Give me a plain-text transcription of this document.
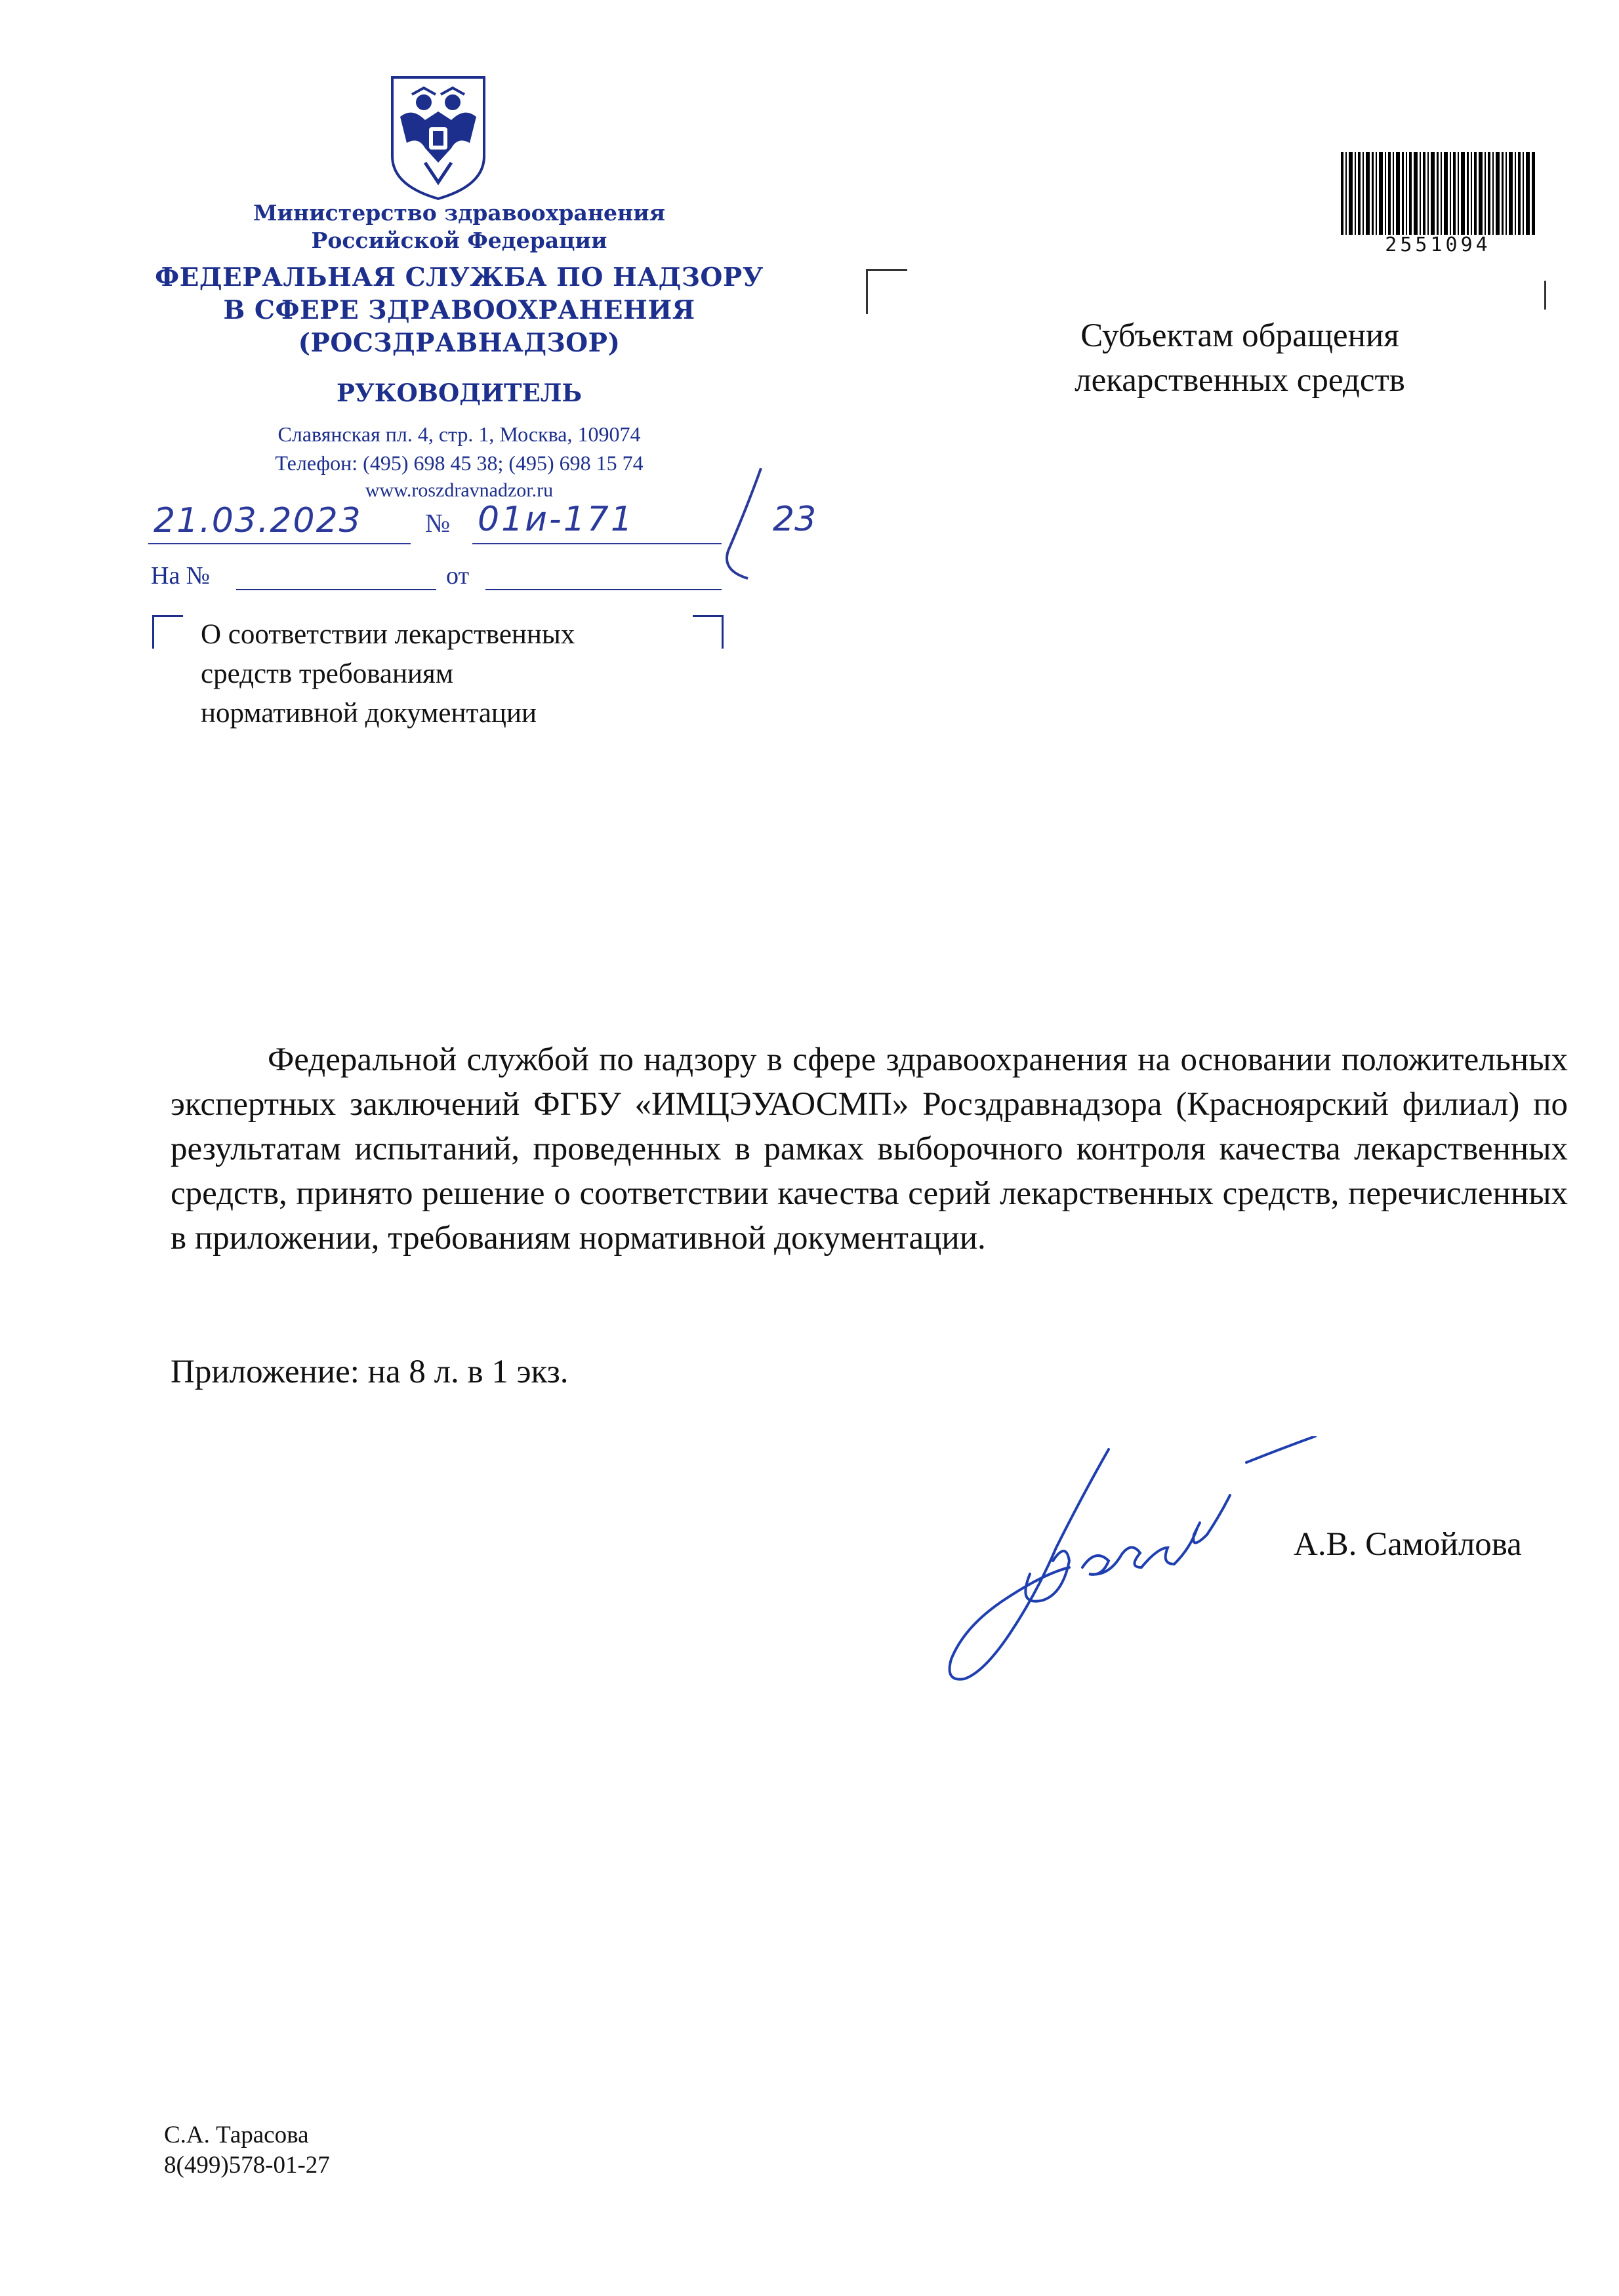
Министерство здравоохранения
Российской Федерации
ФЕДЕРАЛЬНАЯ СЛУЖБА ПО НАДЗОРУ
В СФЕРЕ ЗДРАВООХРАНЕНИЯ
(РОСЗДРАВНАДЗОР)
РУКОВОДИТЕЛЬ
Славянская пл. 4, стр. 1, Москва, 109074
Телефон: (495) 698 45 38; (495) 698 15 74
www.roszdravnadzor.ru
21.03.2023 № 01и-171	23
На №	от
О соответствии лекарственных
средств требованиям
нормативной документации
Субъектам обращения
лекарственных средств
2551094

Федеральной службой по надзору в сфере здравоохранения на основании положительных экспертных заключений ФГБУ «ИМЦЭУАОСМП» Росздравнадзора (Красноярский филиал) по результатам испытаний, проведенных в рамках выборочного контроля качества лекарственных средств, принято решение о соответствии качества серий лекарственных средств, перечисленных в приложении, требованиям нормативной документации.

Приложение: на 8 л. в 1 экз.
А.В. Самойлова
С.А. Тарасова
8(499)578-01-27
